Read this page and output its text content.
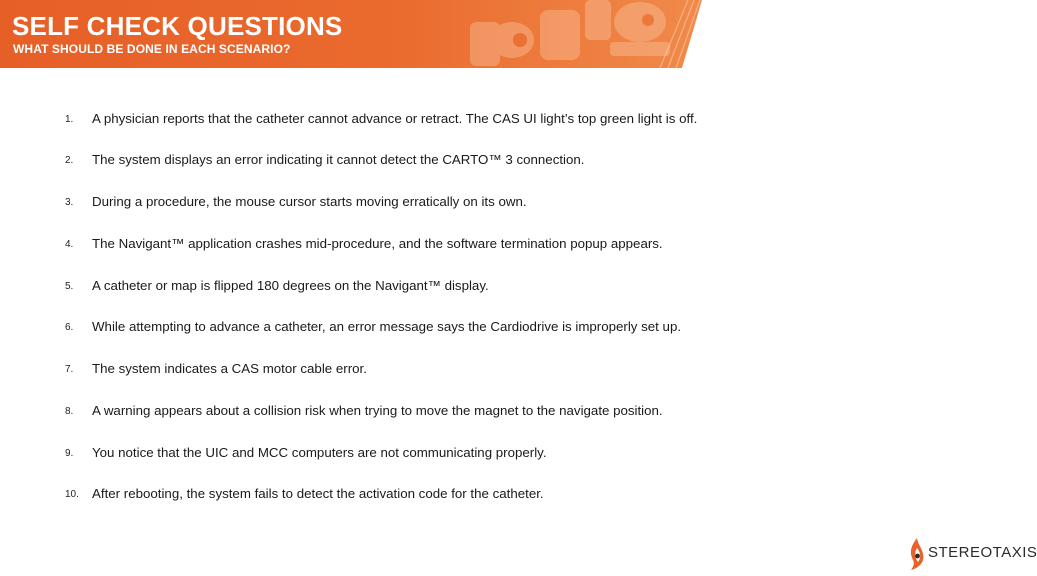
SELF CHECK QUESTIONS
WHAT SHOULD BE DONE IN EACH SCENARIO?
1.	A physician reports that the catheter cannot advance or retract. The CAS UI light’s top green light is off.
2.	The system displays an error indicating it cannot detect the CARTO™ 3 connection.
3.	During a procedure, the mouse cursor starts moving erratically on its own.
4.	The Navigant™ application crashes mid-procedure, and the software termination popup appears.
5.	A catheter or map is flipped 180 degrees on the Navigant™ display.
6.	While attempting to advance a catheter, an error message says the Cardiodrive is improperly set up.
7.	The system indicates a CAS motor cable error.
8.	A warning appears about a collision risk when trying to move the magnet to the navigate position.
9.	You notice that the UIC and MCC computers are not communicating properly.
10. After rebooting, the system fails to detect the activation code for the catheter.
STEREOTAXIS
